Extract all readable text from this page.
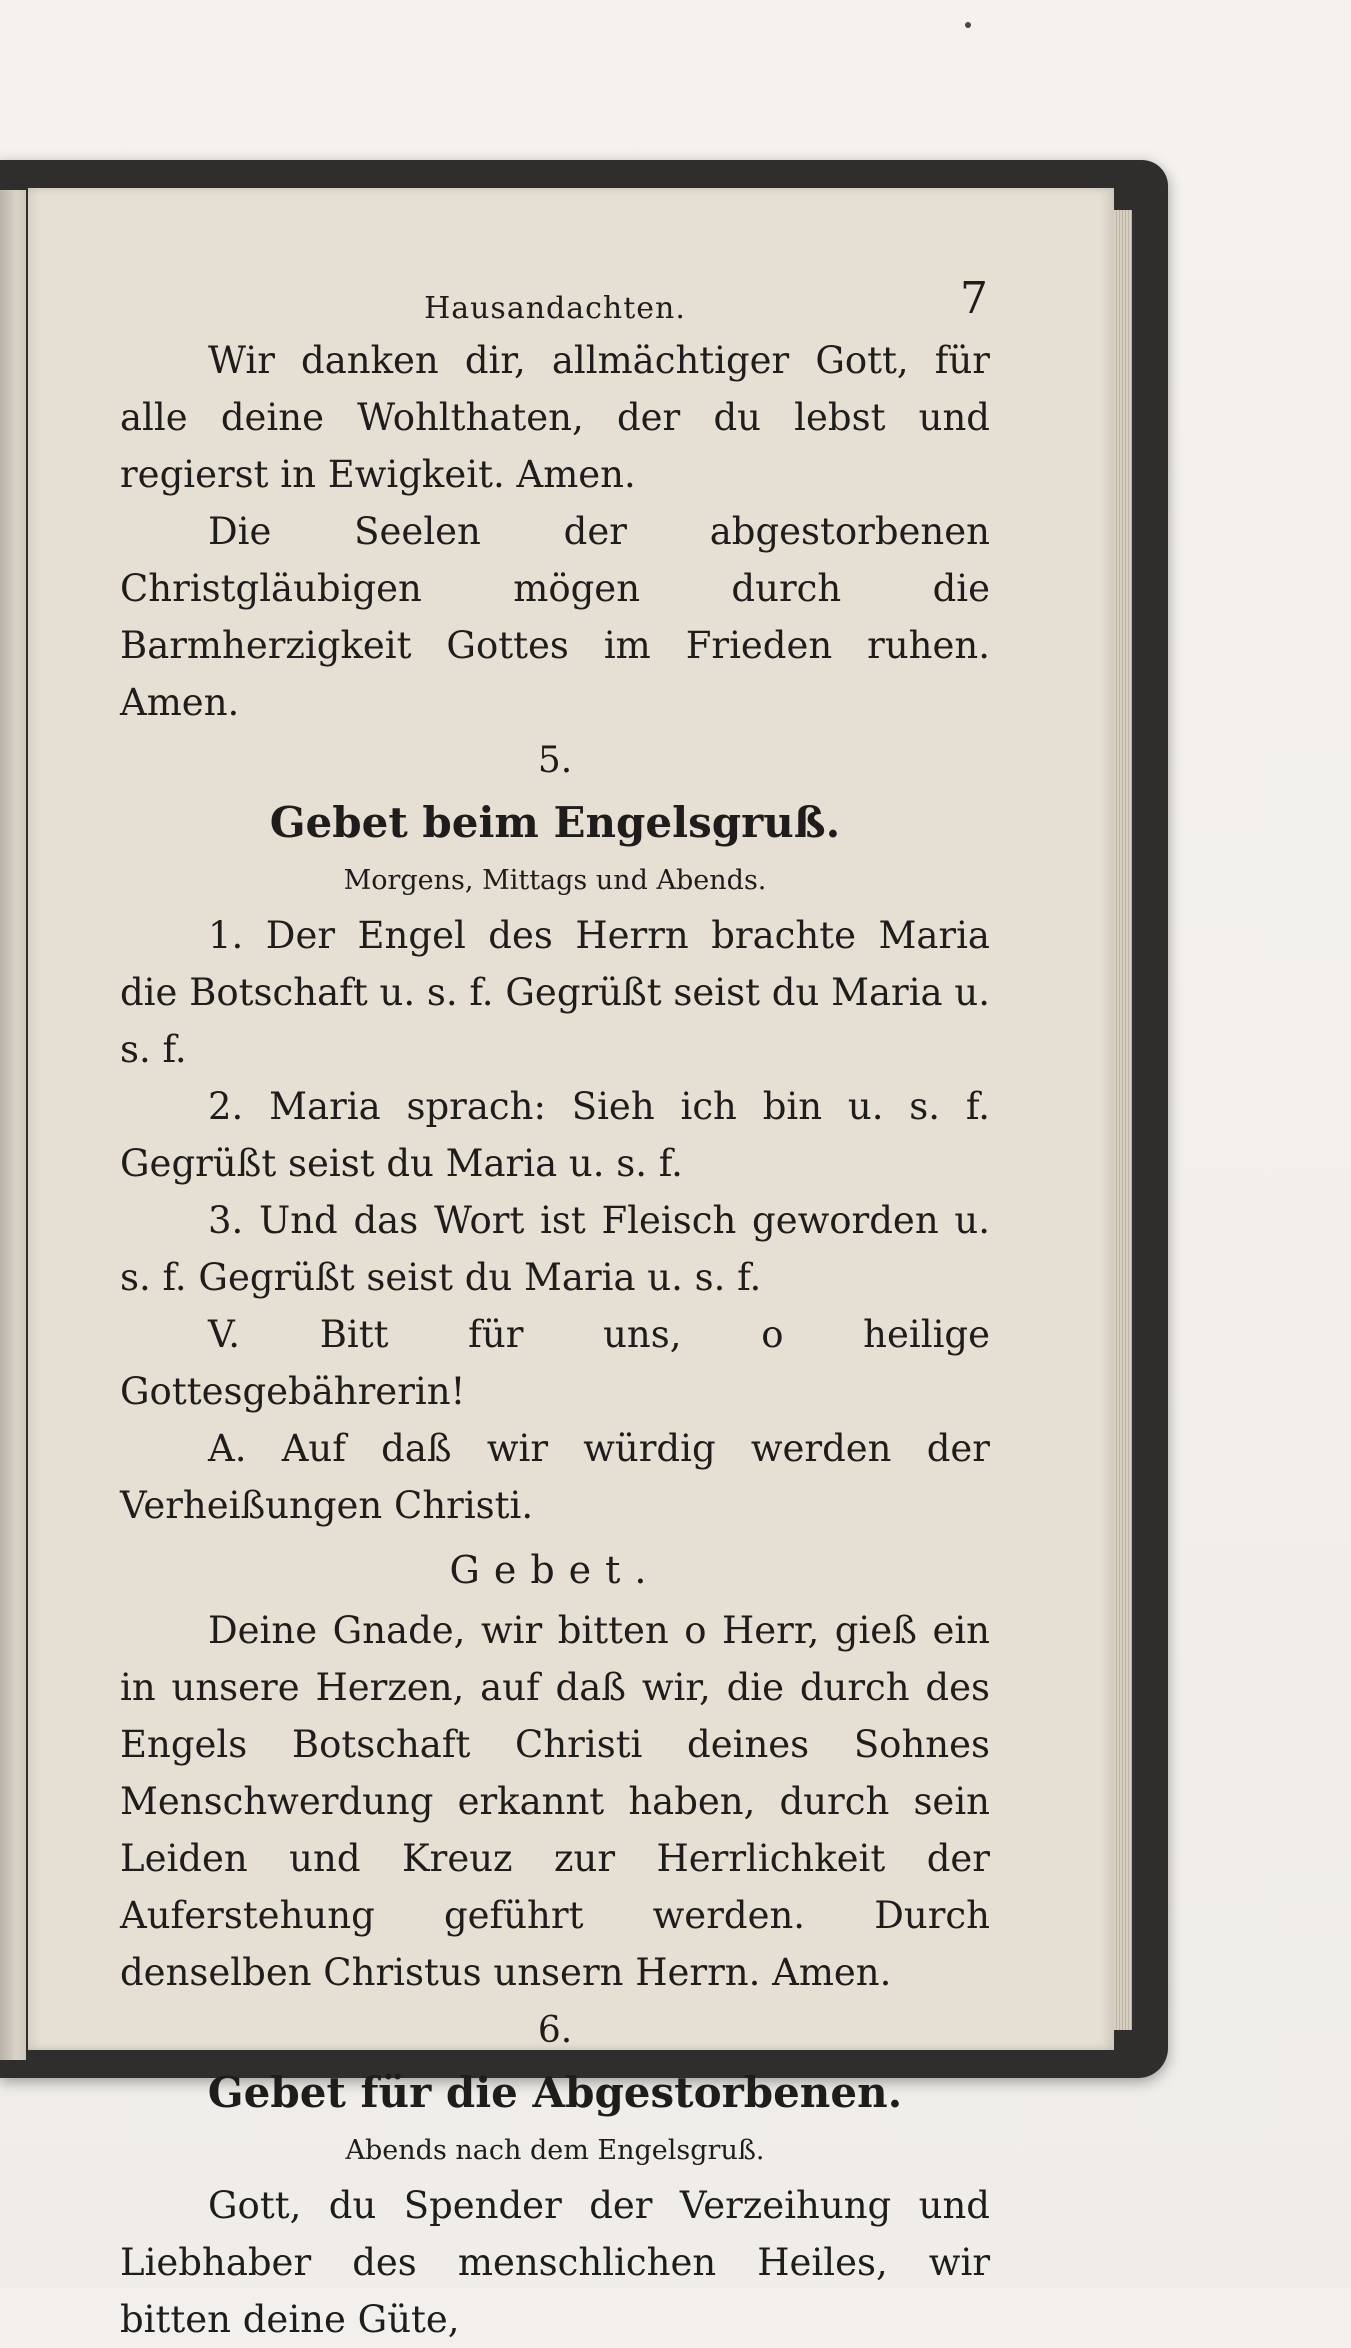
Hausandachten.	7

Wir danken dir, allmächtiger Gott, für alle deine Wohlthaten, der du lebst und regierst in Ewigkeit. Amen.

Die Seelen der abgestorbenen Christgläubigen mögen durch die Barmherzigkeit Gottes im Frieden ruhen. Amen.

5.

Gebet beim Engelsgruß.

Morgens, Mittags und Abends.

1. Der Engel des Herrn brachte Maria die Botschaft u. s. f. Gegrüßt seist du Maria u. s. f.

2. Maria sprach: Sieh ich bin u. s. f. Gegrüßt seist du Maria u. s. f.

3. Und das Wort ist Fleisch geworden u. s. f. Gegrüßt seist du Maria u. s. f.

V. Bitt für uns, o heilige Gottesgebährerin!

A. Auf daß wir würdig werden der Verheißungen Christi.

Gebet.

Deine Gnade, wir bitten o Herr, gieß ein in unsere Herzen, auf daß wir, die durch des Engels Botschaft Christi deines Sohnes Menschwerdung erkannt haben, durch sein Leiden und Kreuz zur Herrlichkeit der Auferstehung geführt werden. Durch denselben Christus unsern Herrn. Amen.

6.

Gebet für die Abgestorbenen.

Abends nach dem Engelsgruß.

Gott, du Spender der Verzeihung und Liebhaber des menschlichen Heiles, wir bitten deine Güte,
